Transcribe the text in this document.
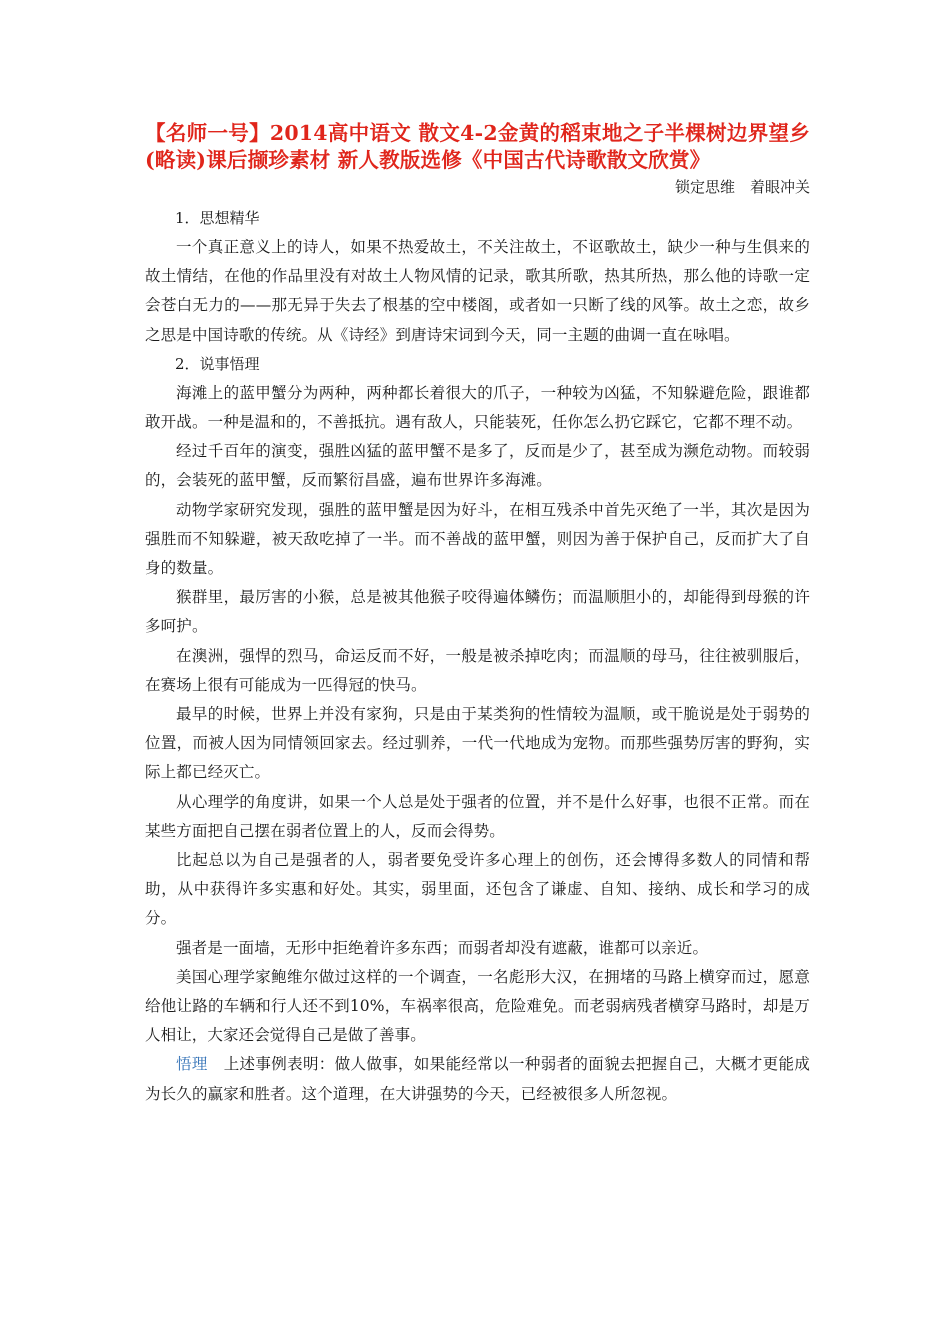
【名师一号】2014高中语文 散文4-2金黄的稻束地之子半棵树边界望乡(略读)课后撷珍素材 新人教版选修《中国古代诗歌散文欣赏》

锁定思维　着眼冲关

1．思想精华

一个真正意义上的诗人，如果不热爱故土，不关注故土，不讴歌故土，缺少一种与生俱来的故土情结，在他的作品里没有对故土人物风情的记录，歌其所歌，热其所热，那么他的诗歌一定会苍白无力的——那无异于失去了根基的空中楼阁，或者如一只断了线的风筝。故土之恋，故乡之思是中国诗歌的传统。从《诗经》到唐诗宋词到今天，同一主题的曲调一直在咏唱。

2．说事悟理

海滩上的蓝甲蟹分为两种，两种都长着很大的爪子，一种较为凶猛，不知躲避危险，跟谁都敢开战。一种是温和的，不善抵抗。遇有敌人，只能装死，任你怎么扔它踩它，它都不理不动。

经过千百年的演变，强胜凶猛的蓝甲蟹不是多了，反而是少了，甚至成为濒危动物。而较弱的，会装死的蓝甲蟹，反而繁衍昌盛，遍布世界许多海滩。

动物学家研究发现，强胜的蓝甲蟹是因为好斗，在相互残杀中首先灭绝了一半，其次是因为强胜而不知躲避，被天敌吃掉了一半。而不善战的蓝甲蟹，则因为善于保护自己，反而扩大了自身的数量。

猴群里，最厉害的小猴，总是被其他猴子咬得遍体鳞伤；而温顺胆小的，却能得到母猴的许多呵护。

在澳洲，强悍的烈马，命运反而不好，一般是被杀掉吃肉；而温顺的母马，往往被驯服后，在赛场上很有可能成为一匹得冠的快马。

最早的时候，世界上并没有家狗，只是由于某类狗的性情较为温顺，或干脆说是处于弱势的位置，而被人因为同情领回家去。经过驯养，一代一代地成为宠物。而那些强势厉害的野狗，实际上都已经灭亡。

从心理学的角度讲，如果一个人总是处于强者的位置，并不是什么好事，也很不正常。而在某些方面把自己摆在弱者位置上的人，反而会得势。

比起总以为自己是强者的人，弱者要免受许多心理上的创伤，还会博得多数人的同情和帮助，从中获得许多实惠和好处。其实，弱里面，还包含了谦虚、自知、接纳、成长和学习的成分。

强者是一面墙，无形中拒绝着许多东西；而弱者却没有遮蔽，谁都可以亲近。

美国心理学家鲍维尔做过这样的一个调查，一名彪形大汉，在拥堵的马路上横穿而过，愿意给他让路的车辆和行人还不到10%，车祸率很高，危险难免。而老弱病残者横穿马路时，却是万人相让，大家还会觉得自己是做了善事。

悟理 上述事例表明：做人做事，如果能经常以一种弱者的面貌去把握自己，大概才更能成为长久的赢家和胜者。这个道理，在大讲强势的今天，已经被很多人所忽视。
